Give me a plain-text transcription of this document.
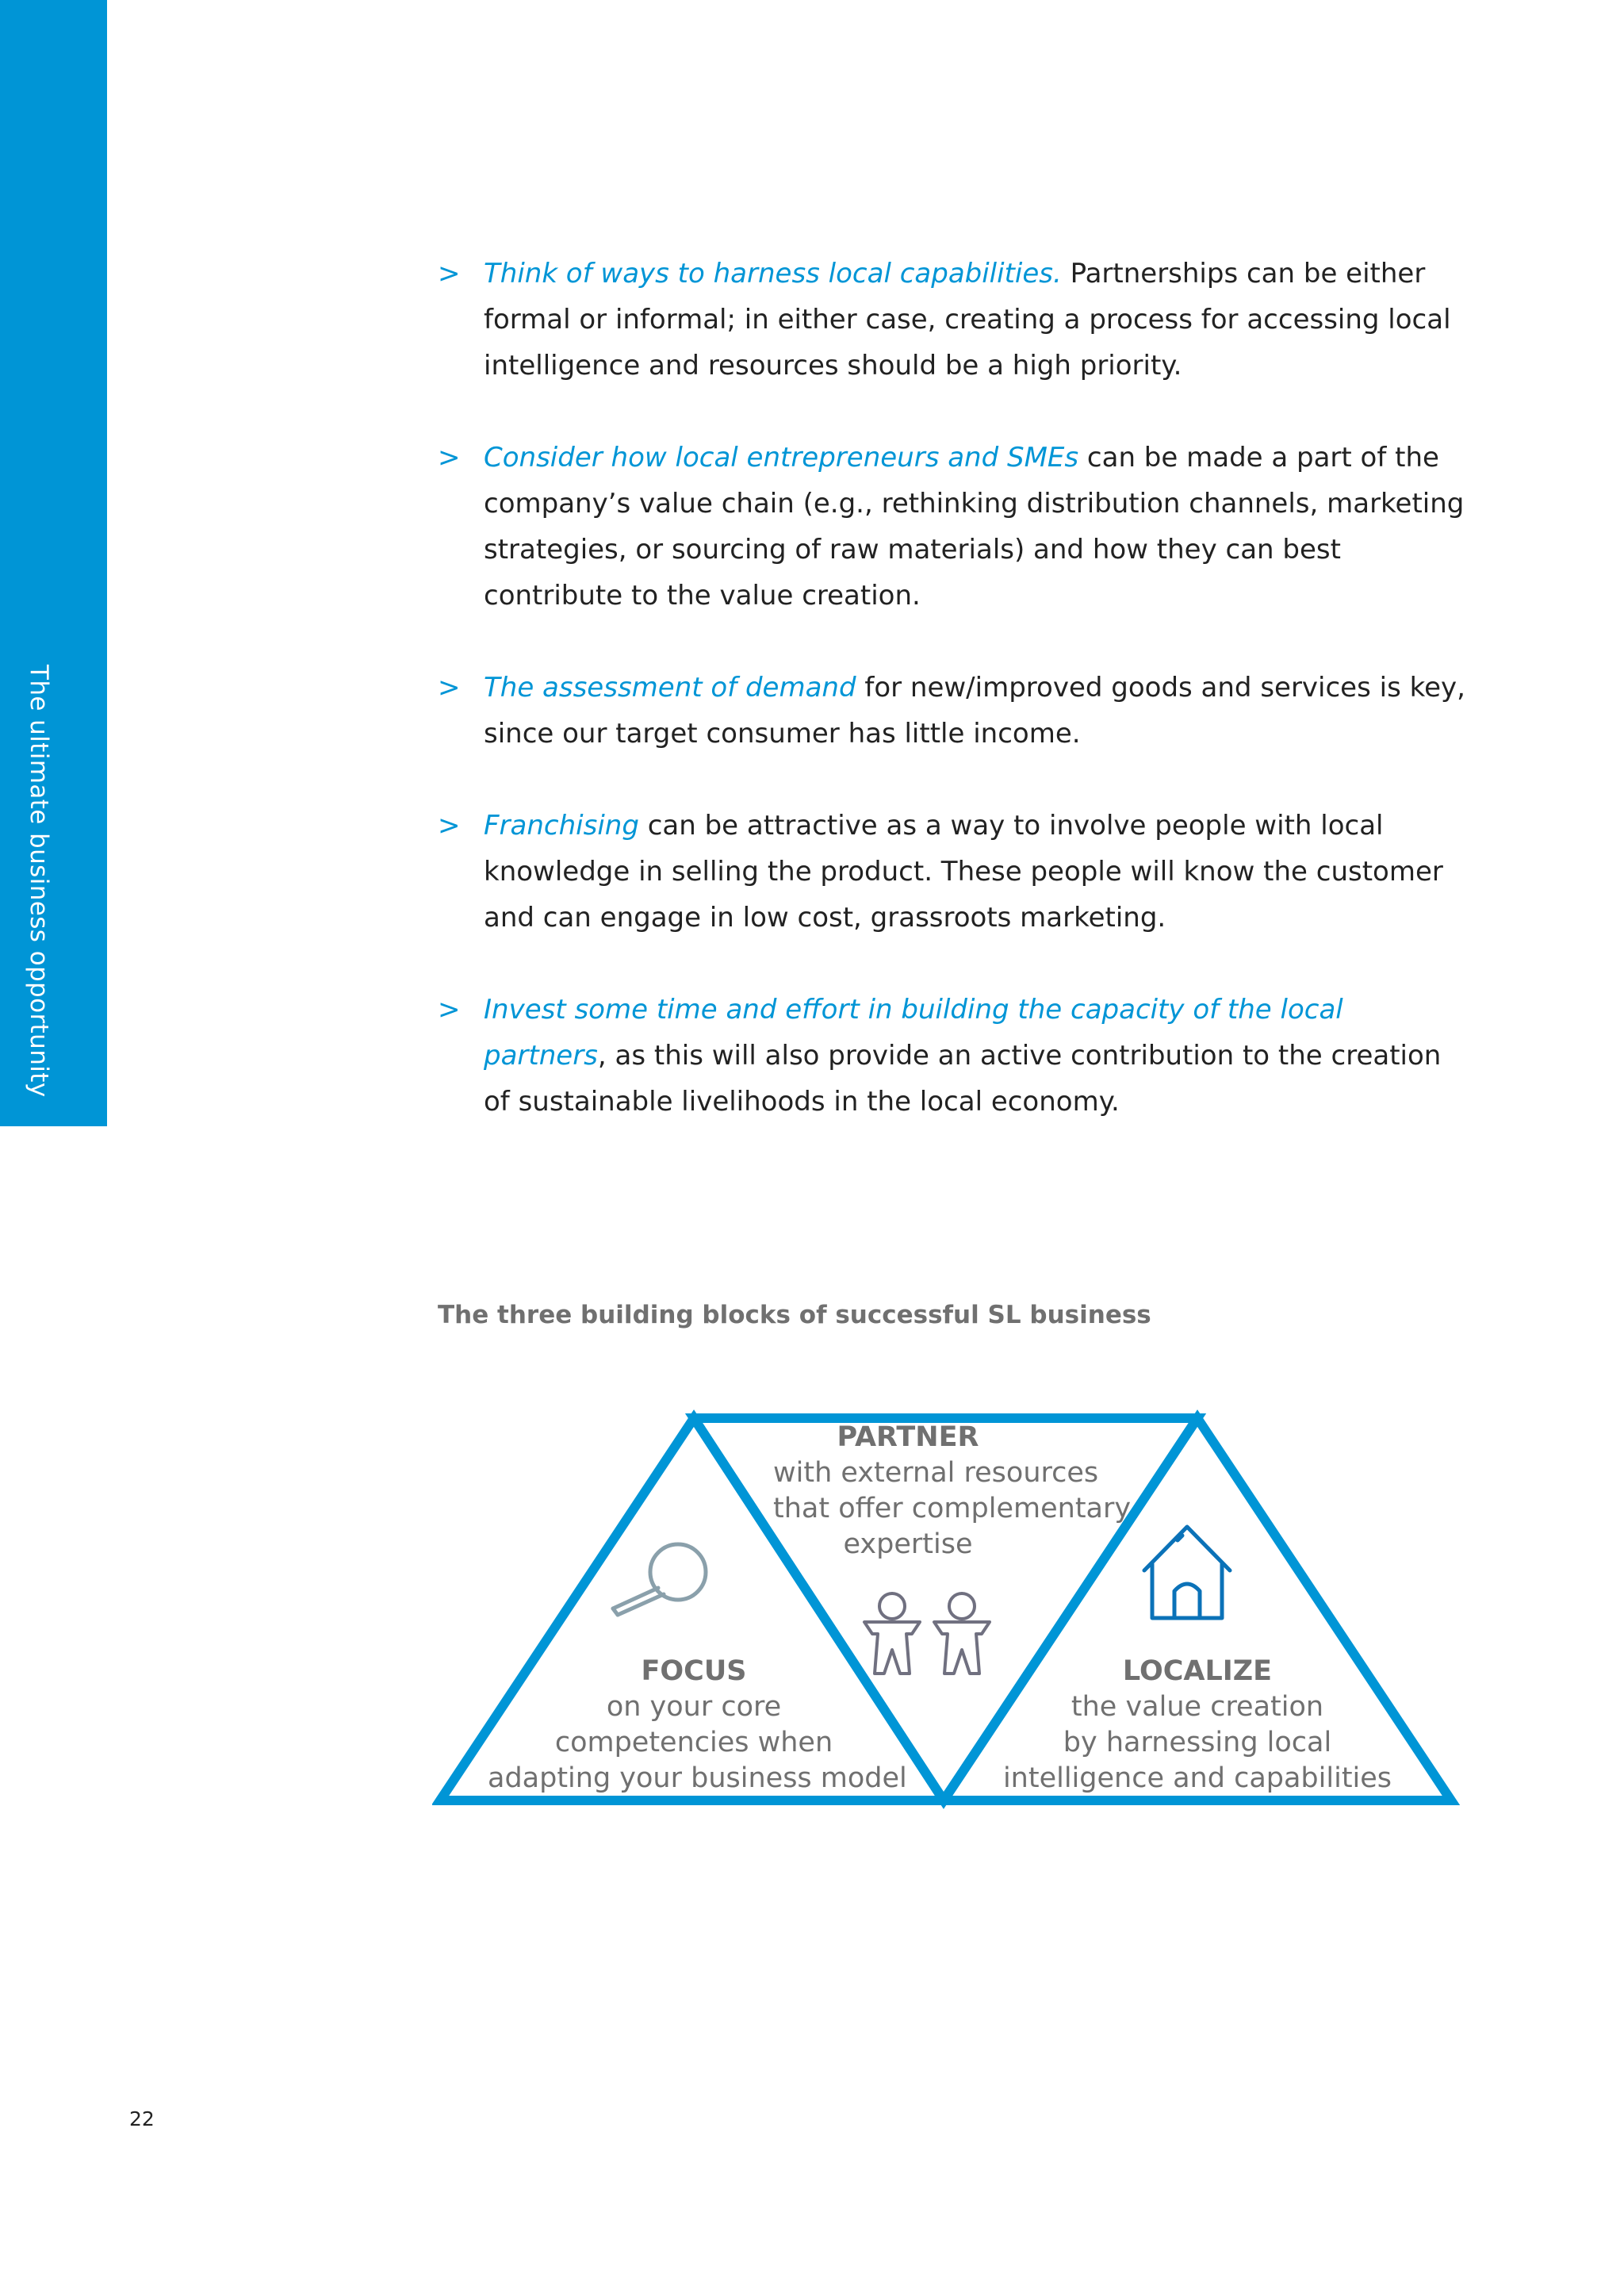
The ultimate business opportunity
> Think of ways to harness local capabilities. Partnerships can be either formal or informal; in either case, creating a process for accessing local intelligence and resources should be a high priority.
> Consider how local entrepreneurs and SMEs can be made a part of the company’s value chain (e.g., rethinking distribution channels, marketing strategies, or sourcing of raw materials) and how they can best contribute to the value creation.
> The assessment of demand for new/improved goods and services is key, since our target consumer has little income.
> Franchising can be attractive as a way to involve people with local knowledge in selling the product. These people will know the customer and can engage in low cost, grassroots marketing.
> Invest some time and effort in building the capacity of the local partners, as this will also provide an active contribution to the creation of sustainable livelihoods in the local economy.
The three building blocks of successful SL business
PARTNER
with external resources
that offer complementary
expertise
FOCUS
on your core
competencies when
adapting your business model
LOCALIZE
the value creation
by harnessing local
intelligence and capabilities
22
